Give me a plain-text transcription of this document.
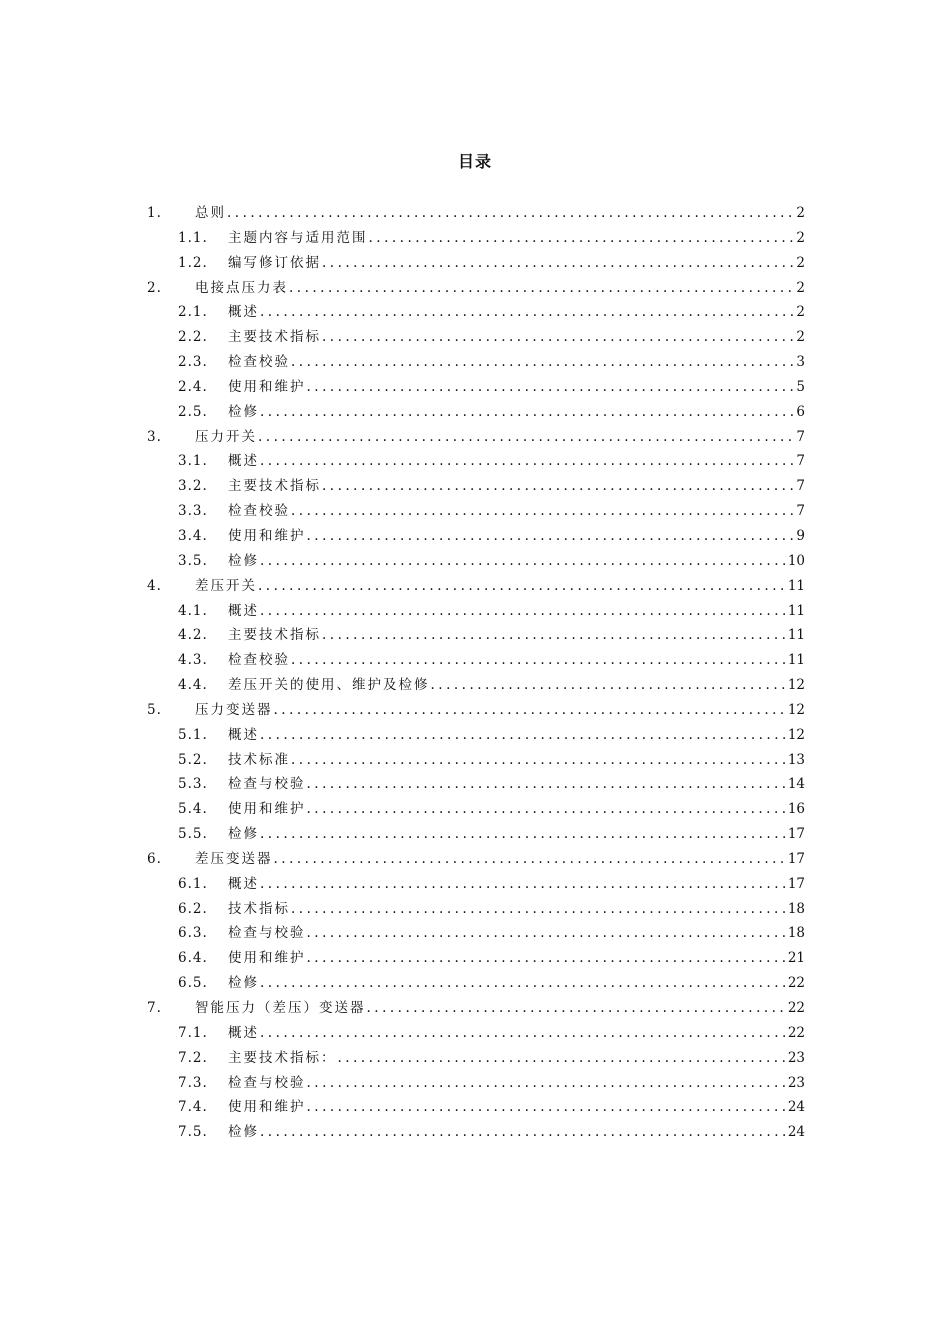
目录
1. 总则 .....	2
1.1. 主题内容与适用范围 .....	2
1.2. 编写修订依据 .....	2
2. 电接点压力表 .....	2
2.1. 概述 .....	2
2.2. 主要技术指标 .....	2
2.3. 检查校验 .....	3
2.4. 使用和维护 .....	5
2.5. 检修 .....	6
3. 压力开关 .....	7
3.1. 概述 .....	7
3.2. 主要技术指标 .....	7
3.3. 检查校验 .....	7
3.4. 使用和维护 .....	9
3.5. 检修 .....	10
4. 差压开关 .....	11
4.1. 概述 .....	11
4.2. 主要技术指标 .....	11
4.3. 检查校验 .....	11
4.4. 差压开关的使用、维护及检修 .....	12
5. 压力变送器 .....	12
5.1. 概述 .....	12
5.2. 技术标准 .....	13
5.3. 检查与校验 .....	14
5.4. 使用和维护 .....	16
5.5. 检修 .....	17
6. 差压变送器 .....	17
6.1. 概述 .....	17
6.2. 技术指标 .....	18
6.3. 检查与校验 .....	18
6.4. 使用和维护 .....	21
6.5. 检修 .....	22
7. 智能压力（差压）变送器 .....	22
7.1. 概述 .....	22
7.2. 主要技术指标： .....	23
7.3. 检查与校验 .....	23
7.4. 使用和维护 .....	24
7.5. 检修 .....	24
